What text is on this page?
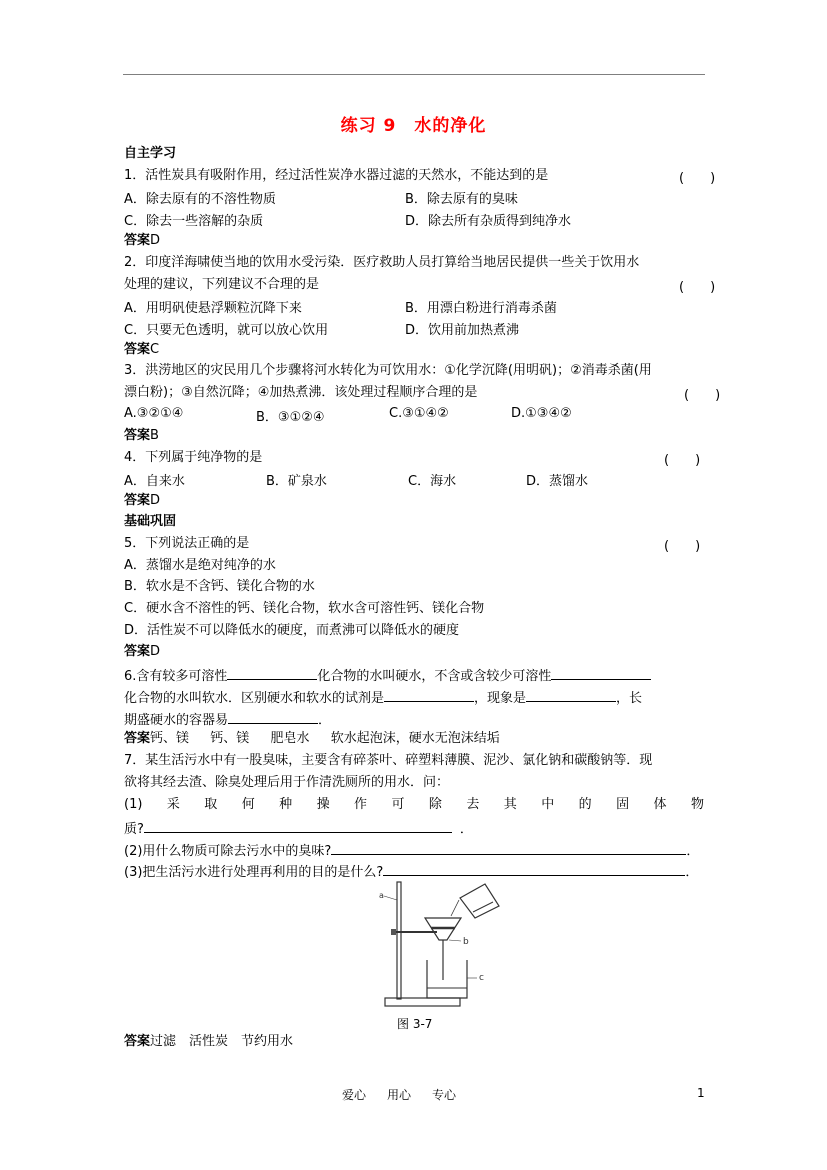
练习 9　水的净化
自主学习
1．活性炭具有吸附作用，经过活性炭净水器过滤的天然水，不能达到的是	(　　)
A．除去原有的不溶性物质	B．除去原有的臭味
C．除去一些溶解的杂质	D．除去所有杂质得到纯净水
答案D
2．印度洋海啸使当地的饮用水受污染．医疗救助人员打算给当地居民提供一些关于饮用水
处理的建议，下列建议不合理的是	(　　)
A．用明矾使悬浮颗粒沉降下来	B．用漂白粉进行消毒杀菌
C．只要无色透明，就可以放心饮用	D．饮用前加热煮沸
答案C
3．洪涝地区的灾民用几个步骤将河水转化为可饮用水：①化学沉降(用明矾)；②消毒杀菌(用
漂白粉)；③自然沉降；④加热煮沸．该处理过程顺序合理的是	(　　)
A.③②①④	B．③①②④	C.③①④②	D.①③④②
答案B
4．下列属于纯净物的是	(　　)
A．自来水	B．矿泉水	C．海水	D．蒸馏水
答案D
基础巩固
5．下列说法正确的是	(　　)
A．蒸馏水是绝对纯净的水
B．软水是不含钙、镁化合物的水
C．硬水含不溶性的钙、镁化合物，软水含可溶性钙、镁化合物
D．活性炭不可以降低水的硬度，而煮沸可以降低水的硬度
答案D
6.含有较多可溶性	化合物的水叫硬水，不含或含较少可溶性
化合物的水叫软水．区别硬水和软水的试剂是	，现象是	，长
期盛硬水的容器易	．
答案钙、镁　  钙、镁　  肥皂水　  软水起泡沫，硬水无泡沫结垢
7．某生活污水中有一股臭味，主要含有碎茶叶、碎塑料薄膜、泥沙、氯化钠和碳酸钠等．现
欲将其经去渣、除臭处理后用于作清洗厕所的用水．问：
(1) 采 取 何 种 操 作 可 除 去 其 中 的 固 体 物
质?	．
(2)用什么物质可除去污水中的臭味?	．
(3)把生活污水进行处理再利用的目的是什么?	．
a
b
c
图 3-7
答案过滤　活性炭　节约用水
爱心 用心 专心	1
